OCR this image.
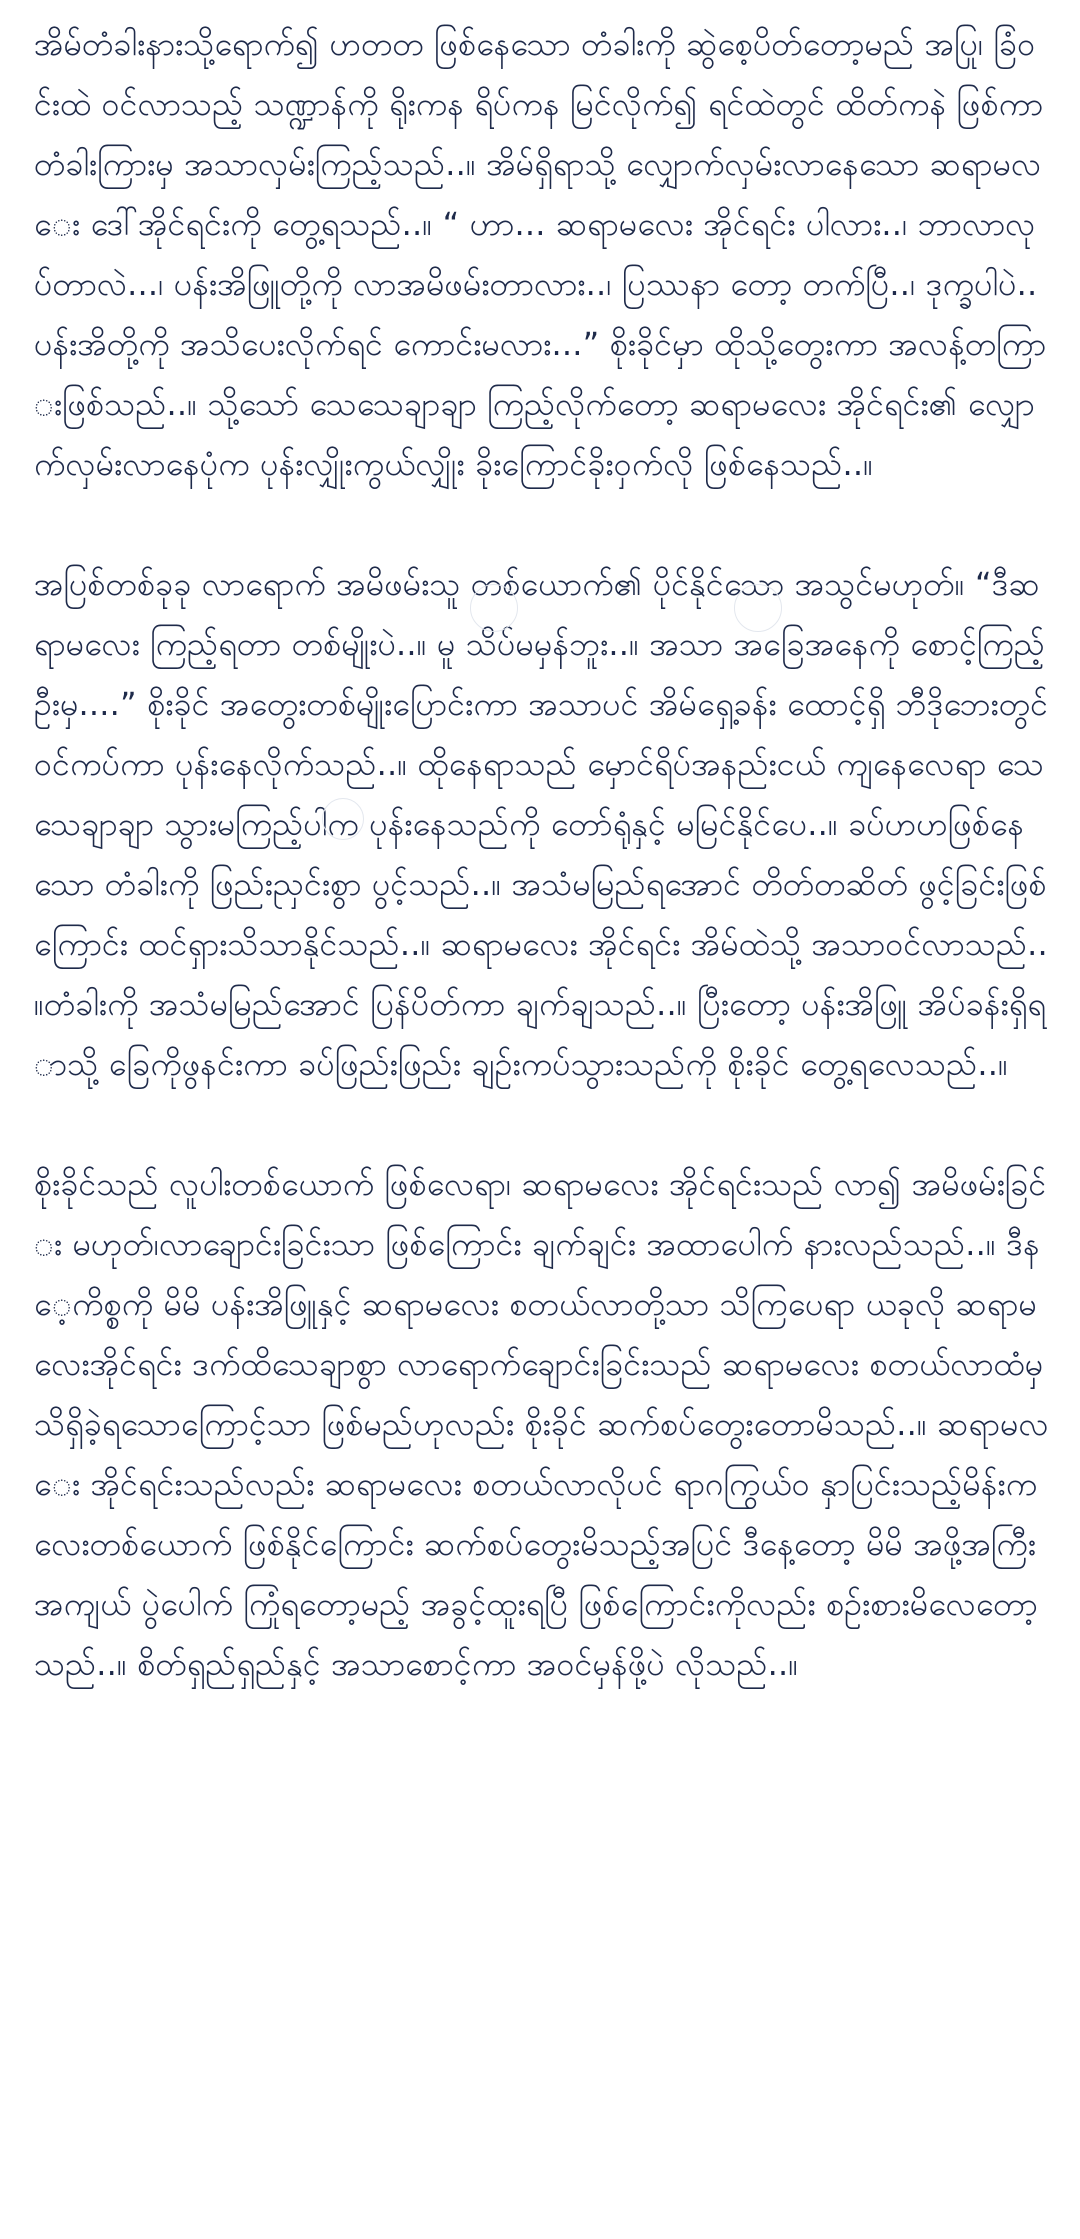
အိမ်တံခါးနားသို့ရောက်၍ ဟတတ ဖြစ်နေသော တံခါးကို ဆွဲစေ့ပိတ်တော့မည် အပြု၊ ခြံဝင်းထဲ ဝင်လာသည့် သဏ္ဍာန်ကို ရိုးကန ရိပ်ကန မြင်လိုက်၍ ရင်ထဲတွင် ထိတ်ကနဲ ဖြစ်ကာ တံခါးကြားမှ အသာလှမ်းကြည့်သည်..။ အိမ်ရှိရာသို့ လျှောက်လှမ်းလာနေသော ဆရာမလေး ဒေါ်အိုင်ရင်းကို တွေ့ရသည်..။ “ ဟာ... ဆရာမလေး အိုင်ရင်း ပါလား..၊ ဘာလာလုပ်တာလဲ...၊ ပန်းအိဖြူတို့ကို လာအမိဖမ်းတာလား..၊ ပြဿနာ တော့ တက်ပြီ..၊ ဒုက္ခပါပဲ.. ပန်းအိတို့ကို အသိပေးလိုက်ရင် ကောင်းမလား...” စိုးခိုင်မှာ ထိုသို့တွေးကာ အလန့်တကြားဖြစ်သည်..။ သို့သော် သေသေချာချာ ကြည့်လိုက်တော့ ဆရာမလေး အိုင်ရင်း၏ လျှောက်လှမ်းလာနေပုံက ပုန်းလျှိုးကွယ်လျှိုး ခိုးကြောင်ခိုးဝှက်လို ဖြစ်နေသည်..။

အပြစ်တစ်ခုခု လာရောက် အမိဖမ်းသူ တစ်ယောက်၏ ပိုင်နိုင်သော အသွင်မဟုတ်။ “ဒီဆရာမလေး ကြည့်ရတာ တစ်မျိုးပဲ..။ မူ သိပ်မမှန်ဘူး..။ အသာ အခြေအနေကို စောင့်ကြည့်ဦးမှ....” စိုးခိုင် အတွေးတစ်မျိုးပြောင်းကာ အသာပင် အိမ်ရှေ့ခန်း ထောင့်ရှိ ဘီဒိုဘေးတွင် ဝင်ကပ်ကာ ပုန်းနေလိုက်သည်..။ ထိုနေရာသည် မှောင်ရိပ်အနည်းငယ် ကျနေလေရာ သေသေချာချာ သွားမကြည့်ပါက ပုန်းနေသည်ကို တော်ရုံနှင့် မမြင်နိုင်ပေ..။ ခပ်ဟဟဖြစ်နေသော တံခါးကို ဖြည်းညှင်းစွာ ပွင့်သည်..။ အသံမမြည်ရအောင် တိတ်တဆိတ် ဖွင့်ခြင်းဖြစ်ကြောင်း ထင်ရှားသိသာနိုင်သည်..။ ဆရာမလေး အိုင်ရင်း အိမ်ထဲသို့ အသာဝင်လာသည်..။တံခါးကို အသံမမြည်အောင် ပြန်ပိတ်ကာ ချက်ချသည်..။ ပြီးတော့ ပန်းအိဖြူ အိပ်ခန်းရှိရာသို့ ခြေကိုဖွနင်းကာ ခပ်ဖြည်းဖြည်း ချဉ်းကပ်သွားသည်ကို စိုးခိုင် တွေ့ရလေသည်..။

စိုးခိုင်သည် လူပါးတစ်ယောက် ဖြစ်လေရာ၊ ဆရာမလေး အိုင်ရင်းသည် လာ၍ အမိဖမ်းခြင်း မဟုတ်၊လာချောင်းခြင်းသာ ဖြစ်ကြောင်း ချက်ချင်း အထာပေါက် နားလည်သည်..။ ဒီနေ့ကိစ္စကို မိမိ ပန်းအိဖြူနှင့် ဆရာမလေး စတယ်လာတို့သာ သိကြပေရာ ယခုလို ဆရာမလေးအိုင်ရင်း ဒက်ထိသေချာစွာ လာရောက်ချောင်းခြင်းသည် ဆရာမလေး စတယ်လာထံမှ သိရှိခဲ့ရသောကြောင့်သာ ဖြစ်မည်ဟုလည်း စိုးခိုင် ဆက်စပ်တွေးတောမိသည်..။ ဆရာမလေး အိုင်ရင်းသည်လည်း ဆရာမလေး စတယ်လာလိုပင် ရာဂကြွယ်ဝ နှာပြင်းသည့်မိန်းကလေးတစ်ယောက် ဖြစ်နိုင်ကြောင်း ဆက်စပ်တွေးမိသည့်အပြင် ဒီနေ့တော့ မိမိ အဖို့အကြီးအကျယ် ပွဲပေါက် ကြုံရတော့မည့် အခွင့်ထူးရပြီ ဖြစ်ကြောင်းကိုလည်း စဉ်းစားမိလေတော့သည်..။ စိတ်ရှည်ရှည်နှင့် အသာစောင့်ကာ အဝင်မှန်ဖို့ပဲ လိုသည်..။
